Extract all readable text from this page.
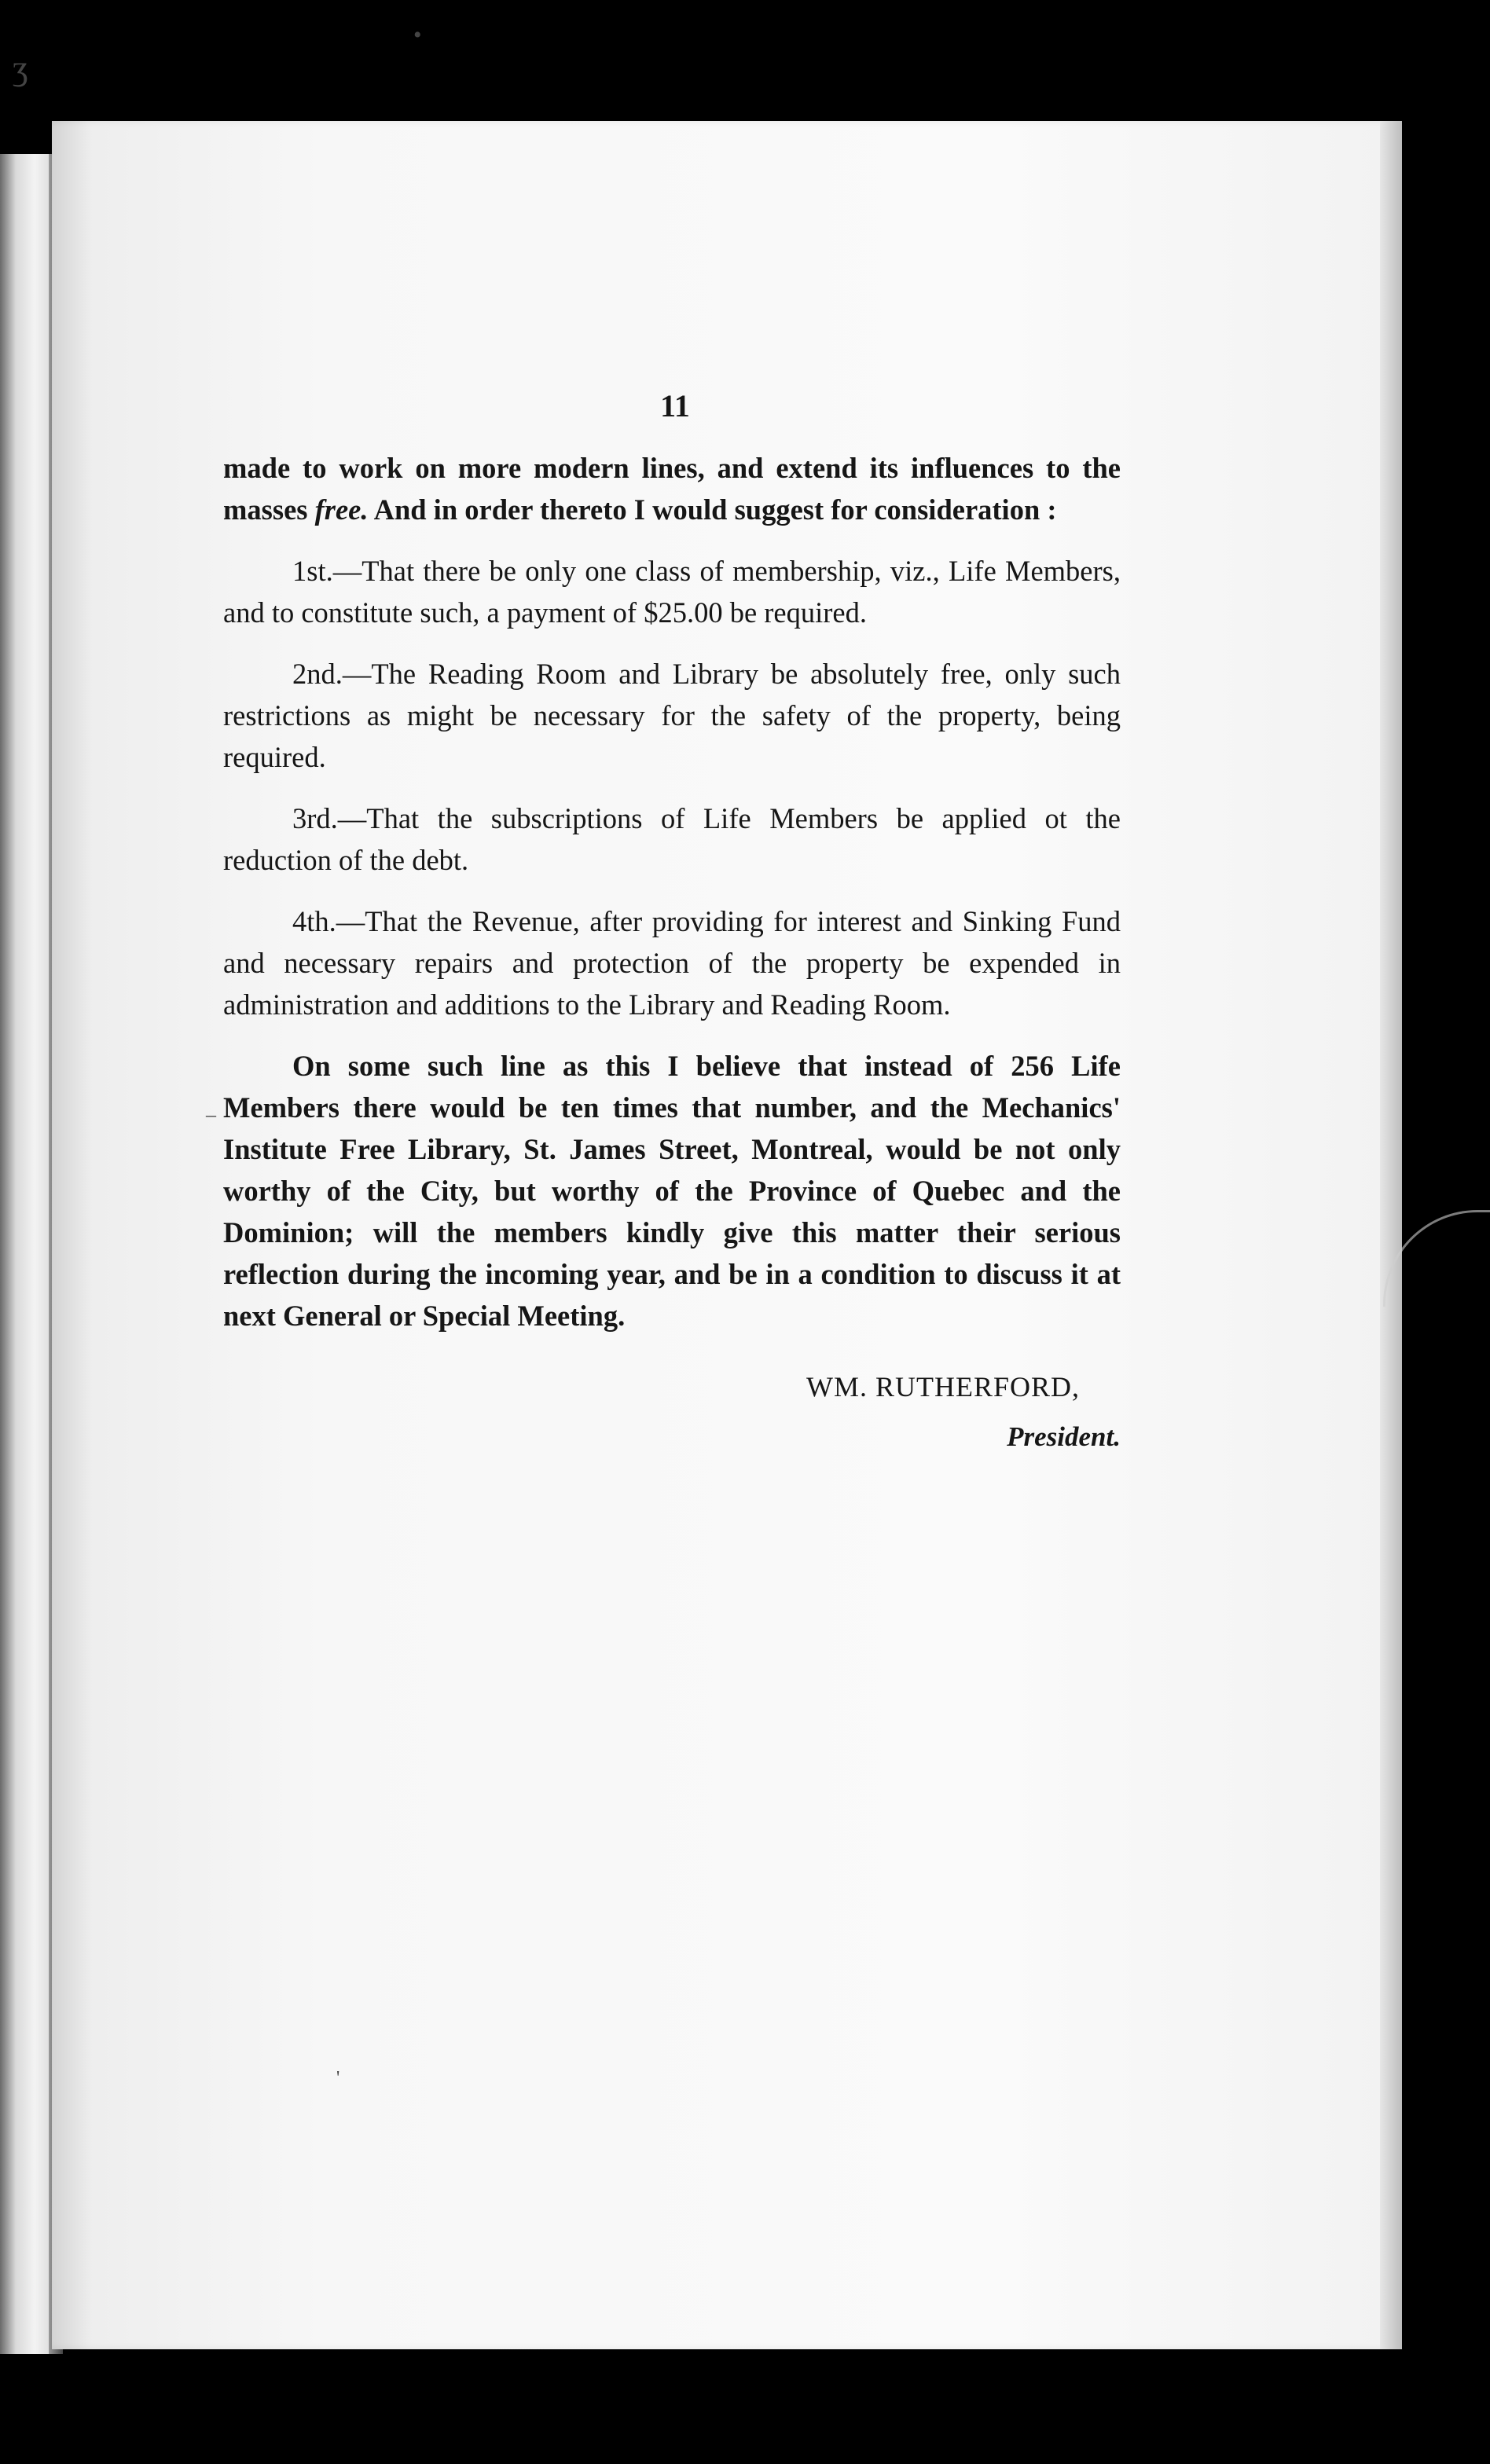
•
ʒ
11

made to work on more modern lines, and extend its influences to the masses free. And in order thereto I would suggest for consideration :

1st.—That there be only one class of membership, viz., Life Members, and to constitute such, a payment of $25.00 be required.

2nd.—The Reading Room and Library be absolutely free, only such restrictions as might be necessary for the safety of the property, being required.

3rd.—That the subscriptions of Life Members be applied ot the reduction of the debt.

4th.—That the Revenue, after providing for interest and Sinking Fund and necessary repairs and protection of the property be expended in administration and additions to the Library and Reading Room.

On some such line as this I believe that instead of 256 Life Members there would be ten times that number, and the Mechanics' Institute Free Library, St. James Street, Montreal, would be not only worthy of the City, but worthy of the Province of Quebec and the Dominion; will the members kindly give this matter their serious reflection during the incoming year, and be in a condition to discuss it at next General or Special Meeting.

WM. RUTHERFORD,
President.
–
'
